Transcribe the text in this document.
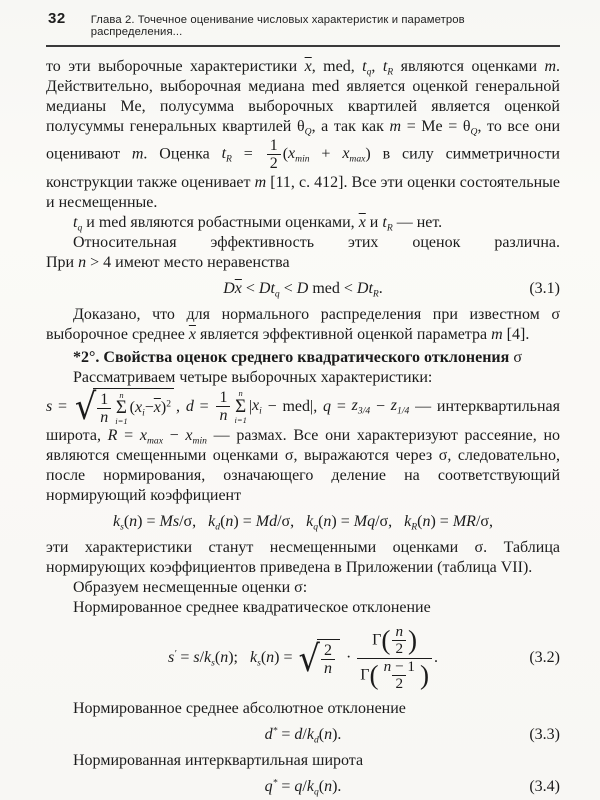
32 Глава 2. Точечное оценивание числовых характеристик и параметров распределения...

то эти выборочные характеристики $\overline{x}$, med, $t_q$, $t_R$ являются оценками m. Действительно, выборочная медиана med является оценкой генеральной медианы Me, полусумма выборочных квартилей является оценкой полусуммы генеральных квартилей $\theta_Q$, а так как $m = Me = \theta_Q$, то все они оценивают m. Оценка $t_R = \frac{1}{2} (x_{min} + x_{max})$ в силу симметричности конструкции также оценивает m [11, с. 412]. Все эти оценки состоятельные и несмещенные.

$t_q$ и med являются робастными оценками, $\overline{x}$ и $t_R$ — нет.

Относительная эффективность этих оценок различна.
При n > 4 имеют место неравенства

$D\overline{x} < Dt_q < D$ med < $Dt_R$.	(3.1)

Доказано, что для нормального распределения при известном σ выборочное среднее $\overline{x}$ является эффективной оценкой параметра m [4].

*2°. Свойства оценок среднего квадратического отклонения σ

Рассматриваем четыре выборочных характеристики:

s = √ $\frac{1}{n}$ n
Σ
i=1
( $x_i - \overline{x}$ )$^2$ , $d = \frac{1}{n}$ n
Σ
i=1
$|x_i - med|$, $q = z_{3/4} - z_{1/4}$ — интерквартильная широта, $R = x_{max} - x_{min}$ — размах. Все они характеризуют рассеяние, но являются смещенными оценками σ, выражаются через σ, следовательно, после нормирования, означающего деление на соответствующий нормирующий коэффициент

$k_s(n) = Ms/\sigma$,  $k_d(n) = Md/\sigma$,  $k_q(n) = Mq/\sigma$,  $k_R(n) = MR/\sigma$,

эти характеристики станут несмещенными оценками σ. Таблица нормирующих коэффициентов приведена в Приложении (таблица VII).

Образуем несмещенные оценки σ:

Нормированное среднее квадратическое отклонение

$s' = s/k_s(n)$;  $k_s(n)$ = √ $\frac{2}{n} \cdot \frac{\Gamma( \frac{n}{2} )}{\Gamma( \frac{n - 1}{2} )}$ .	(3.2)

Нормированное среднее абсолютное отклонение

$d^* = d/k_d(n)$.	(3.3)

Нормированная интерквартильная широта

$q^* = q/k_q(n)$.	(3.4)
